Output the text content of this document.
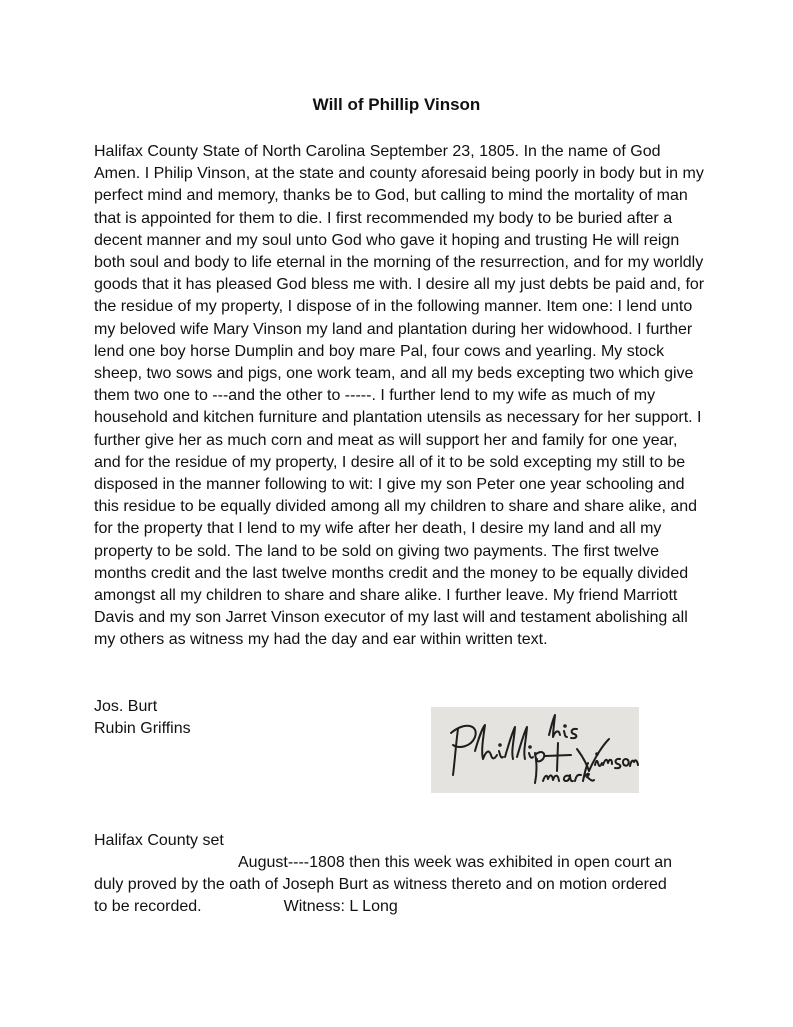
Will of Phillip Vinson

Halifax County State of North Carolina September 23, 1805. In the name of God Amen. I Philip Vinson, at the state and county aforesaid being poorly in body but in my perfect mind and memory, thanks be to God, but calling to mind the mortality of man that is appointed for them to die. I first recommended my body to be buried after a decent manner and my soul unto God who gave it hoping and trusting He will reign both soul and body to life eternal in the morning of the resurrection, and for my worldly goods that it has pleased God bless me with. I desire all my just debts be paid and, for the residue of my property, I dispose of in the following manner. Item one: I lend unto my beloved wife Mary Vinson my land and plantation during her widowhood. I further lend one boy horse Dumplin and boy mare Pal, four cows and yearling. My stock sheep, two sows and pigs, one work team, and all my beds excepting two which give them two one to ---and the other to -----. I further lend to my wife as much of my household and kitchen furniture and plantation utensils as necessary for her support. I further give her as much corn and meat as will support her and family for one year, and for the residue of my property, I desire all of it to be sold excepting my still to be disposed in the manner following to wit: I give my son Peter one year schooling and this residue to be equally divided among all my children to share and share alike, and for the property that I lend to my wife after her death, I desire my land and all my property to be sold. The land to be sold on giving two payments. The first twelve months credit and the last twelve months credit and the money to be equally divided amongst all my children to share and share alike. I further leave. My friend Marriott Davis and my son Jarret Vinson executor of my last will and testament abolishing all my others as witness my had the day and ear within written text.

Jos. Burt
Rubin Griffins
Halifax County set
August----1808 then this week was exhibited in open court an
duly proved by the oath of Joseph Burt as witness thereto and on motion ordered
to be recorded.	Witness: L Long
